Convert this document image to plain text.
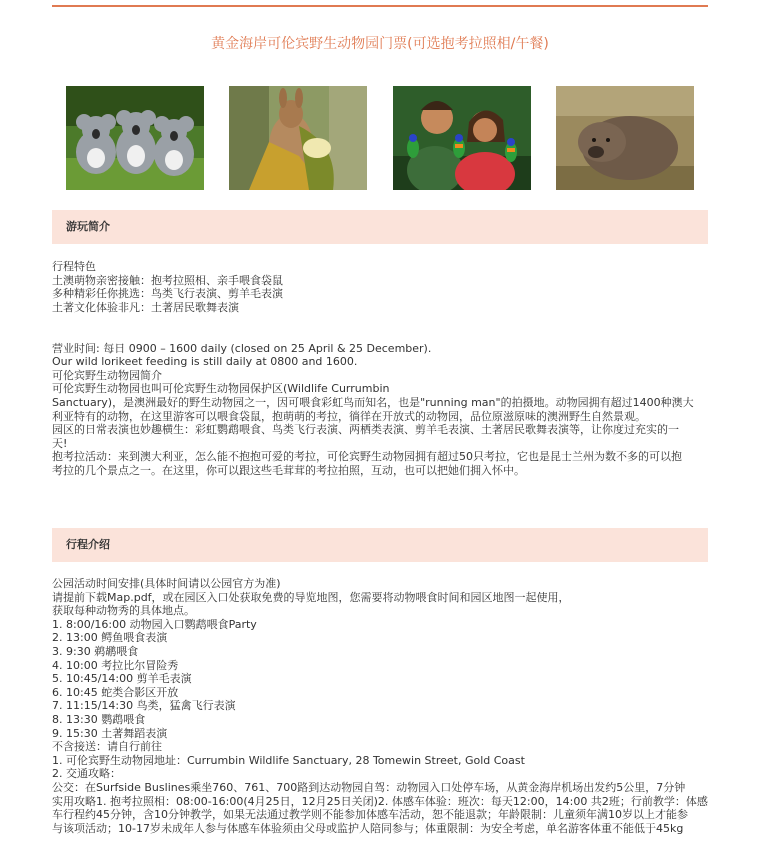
黄金海岸可伦宾野生动物园门票(可选抱考拉照相/午餐)
游玩简介
行程特色
土澳萌物亲密接触：抱考拉照相、亲手喂食袋鼠
多种精彩任你挑选：鸟类飞行表演、剪羊毛表演
土著文化体验非凡：土著居民歌舞表演
营业时间: 每日 0900 – 1600 daily (closed on 25 April & 25 December).
Our wild lorikeet feeding is still daily at 0800 and 1600.
可伦宾野生动物园简介
可伦宾野生动物园也叫可伦宾野生动物园保护区(Wildlife Currumbin
Sanctuary)，是澳洲最好的野生动物园之一，因可喂食彩虹鸟而知名，也是"running man"的拍摄地。动物园拥有超过1400种澳大
利亚特有的动物，在这里游客可以喂食袋鼠，抱萌萌的考拉，徜徉在开放式的动物园，品位原滋原味的澳洲野生自然景观。
园区的日常表演也妙趣横生：彩虹鹦鹉喂食、鸟类飞行表演、两栖类表演、剪羊毛表演、土著居民歌舞表演等，让你度过充实的一
天!
抱考拉活动：来到澳大利亚，怎么能不抱抱可爱的考拉，可伦宾野生动物园拥有超过50只考拉，它也是昆士兰州为数不多的可以抱
考拉的几个景点之一。在这里，你可以跟这些毛茸茸的考拉拍照，互动，也可以把她们拥入怀中。
行程介绍
公园活动时间安排(具体时间请以公园官方为准)
请提前下载Map.pdf，或在园区入口处获取免费的导览地图，您需要将动物喂食时间和园区地图一起使用，
获取每种动物秀的具体地点。
1. 8:00/16:00 动物园入口鹦鹉喂食Party
2. 13:00 鳄鱼喂食表演
3. 9:30 鹈鹕喂食
4. 10:00 考拉比尔冒险秀
5. 10:45/14:00 剪羊毛表演
6. 10:45 蛇类合影区开放
7. 11:15/14:30 鸟类，猛禽飞行表演
8. 13:30 鹦鹉喂食
9. 15:30 土著舞蹈表演
不含接送：请自行前往
1. 可伦宾野生动物园地址：Currumbin Wildlife Sanctuary, 28 Tomewin Street, Gold Coast
2. 交通攻略：
公交：在Surfside Buslines乘坐760、761、700路到达动物园自驾：动物园入口处停车场，从黄金海岸机场出发约5公里，7分钟
实用攻略1. 抱考拉照相：08:00-16:00(4月25日，12月25日关闭)2. 体感车体验：班次：每天12:00，14:00 共2班；行前教学：体感
车行程约45分钟，含10分钟教学，如果无法通过教学则不能参加体感车活动，恕不能退款；年龄限制：儿童须年满10岁以上才能参
与该项活动；10-17岁未成年人参与体感车体验须由父母或监护人陪同参与；体重限制：为安全考虑，单名游客体重不能低于45kg
